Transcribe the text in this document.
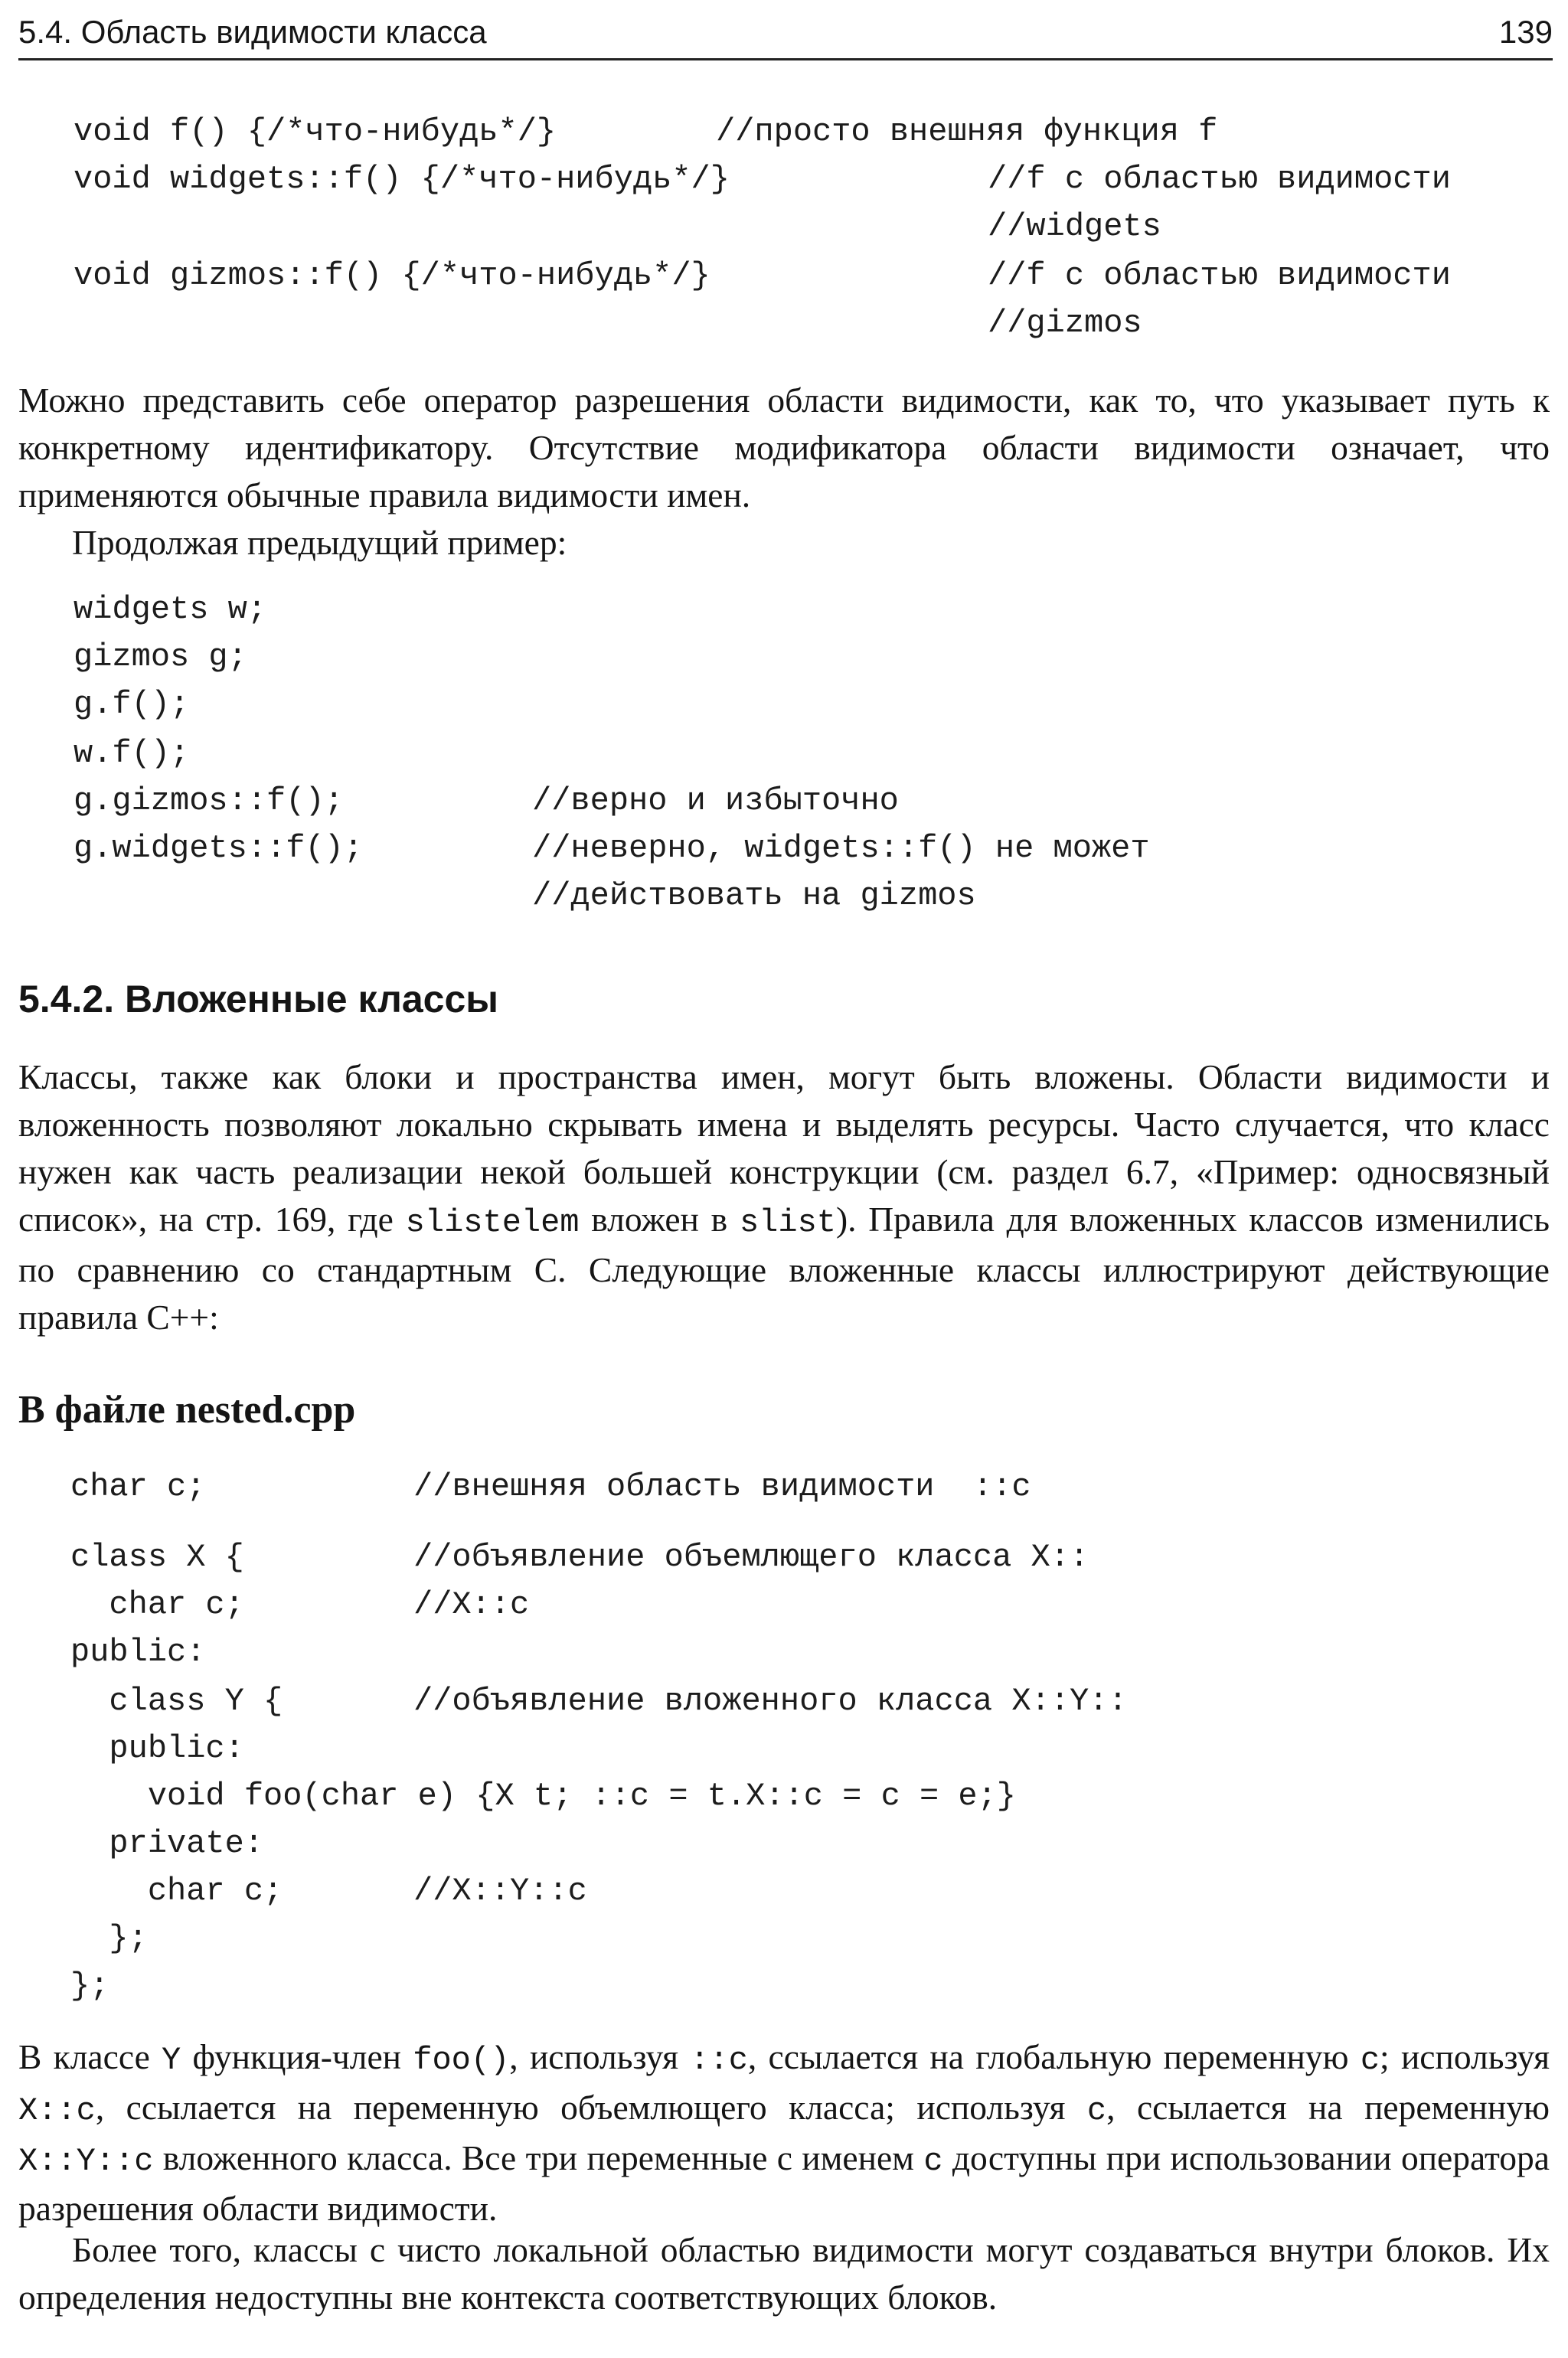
5.4. Область видимости класса	139
void f() {/*что-нибудь*/}	//просто внешняя функция f
void widgets::f() {/*что-нибудь*/}	//f с областью видимости
//widgets
void gizmos::f() {/*что-нибудь*/}	//f с областью видимости
//gizmos

Можно представить себе оператор разрешения области видимости, как то, что указывает путь к конкретному идентификатору. Отсутствие модификатора области видимости означает, что применяются обычные правила видимости имен.

Продолжая предыдущий пример:

widgets w;
gizmos g;
g.f();
w.f();
g.gizmos::f();	//верно и избыточно
g.widgets::f();	//неверно, widgets::f() не может
//действовать на gizmos
5.4.2. Вложенные классы

Классы, также как блоки и пространства имен, могут быть вложены. Области видимости и вложенность позволяют локально скрывать имена и выделять ресурсы. Часто случается, что класс нужен как часть реализации некой большей конструкции (см. раздел 6.7, «Пример: односвязный список», на стр. 169, где slistelem вложен в slist). Правила для вложенных классов изменились по сравнению со стандартным С. Следующие вложенные классы иллюстрируют действующие правила С++:

В файле nested.cpp
char c;	//внешняя область видимости  ::c
class X {	//объявление объемлющего класса X::
char c;	//X::c
public:
class Y {	//объявление вложенного класса X::Y::
public:
void foo(char e) {X t; ::c = t.X::c = c = e;}
private:
char c;	//X::Y::c
};
};

В классе Y функция-член foo(), используя ::c, ссылается на глобальную переменную c; используя X::c, ссылается на переменную объемлющего класса; используя c, ссылается на переменную X::Y::c вложенного класса. Все три переменные с именем c доступны при использовании оператора разрешения области видимости.

Более того, классы с чисто локальной областью видимости могут создаваться внутри блоков. Их определения недоступны вне контекста соответствующих блоков.
